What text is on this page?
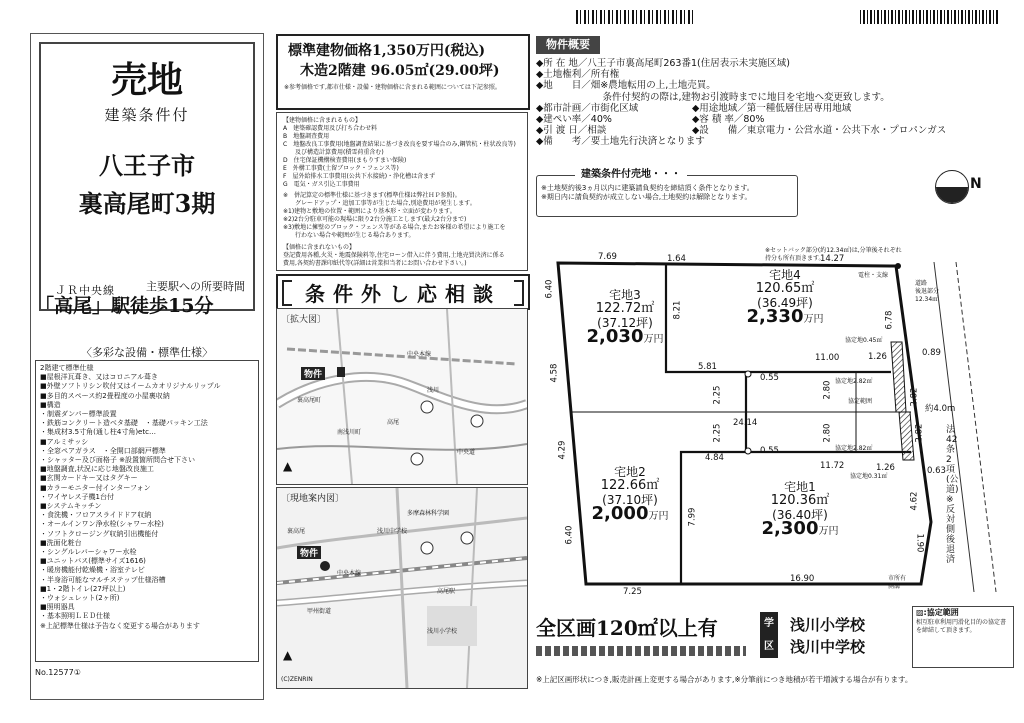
売地
建築条件付
八王子市
裏高尾町3期
主要駅への所要時間
ＪＲ中央線
「高尾」駅徒歩15分
〈多彩な設備・標準仕様〉
2階建て標準仕様
■屋根洋瓦葺き、又はコロニアル葺き
■外壁ソフトリシン吹付又はイームカオリジナルリップル
■多目的スペース約2畳程度の小屋裏収納
■構造
・制震ダンパー標準設置
・鉄筋コンクリート造ベタ基礎　・基礎パッキン工法
・集成材3.5寸角(通し柱4寸角)etc…
■アルミサッシ
・全窓ペアガラス　・全開口部網戸標準
・シャッター及び面格子 ※設置箇所問合せ下さい
■地盤調査,状況に応じ地盤改良施工
■玄関カードキー又はタグキー
■カラーモニター付インターフォン
・ワイヤレス子機1台付
■システムキッチン
・食洗機・フロアスライドドア収納
・オールインワン浄水栓(シャワー水栓)
・ソフトクロージング収納引出機能付
■洗面化粧台
・シングルレバーシャワー水栓
■ユニットバス(標準サイズ1616)
・暖房機能付乾燥機・浴室テレビ
・半身浴可能なマルチステップ仕様浴槽
■1・2階トイレ(27坪以上)
・ウォシュレット(2ヶ所)
■照明器具
・基本照明ＬＥＤ仕様
※上記標準仕様は予告なく変更する場合があります
No.12577①
標準建物価格1,350万円(税込)
木造2階建 96.05㎡(29.00坪)
※参考価格です,都市仕様・設備・建物価格に含まれる範囲については下記参照。
【建物価格に含まれるもの】
A　建築確認費用及び打ち合わせ料
B　地盤調査費用
C　地盤改良工事費用(地盤調査結果に基づき改良を要す場合のみ,鋼管杭・柱状改良等)
　　及び構造計算費用(積雪荷重含む)
D　住宅保証機構検査費用(まもりすまい保険)
E　外構工事費(土留ブロック・フェンス等)
F　屋外給排水工事費用(公共下水接続)・浄化槽は含まず
G　電気・ガス引込工事費用
※　併記算定の標準仕様に基づきます(標準仕様は弊社ＨＰ参照)。
　　グレードアップ・追加工事等が生じた場合,別途費用が発生します。
※1)建物と敷地の位置・範囲により基本形・立面が変わります。
※2)2台分駐車可能の現場に限り2台分施工とします(最大2台分まで)
※3)敷地に擁壁のブロック・フェンス等がある場合,またお客様の希望により施工を
　　行わない場合や範囲が生じる場合あります。
【価格に含まれないもの】
登記費用各種,火災・地震保険料等,住宅ローン借入に伴う費用,土地売買決済に係る
費用,各契約書課印紙代等(詳細は営業担当者にお問い合わせ下さい。)
条件外し応相談
〔拡大図〕
物件
中央本線
浅川
高尾
南浅川町
裏高尾町
中央道
▲
〔現地案内図〕
物件
高尾駅
中央本線
甲州街道
浅川小学校
浅川中学校
多摩森林科学園
裏高尾
▲
(C)ZENRIN
物件概要
◆所 在 地／八王子市裏高尾町263番1(住居表示未実施区域)
◆土地権利／所有権
◆地　　目／畑※農地転用の上,土地売買。
　　　　　　　条件付契約の際は,建物お引渡時までに地目を宅地へ変更致します。
◆都市計画／市街化区域	◆用途地域／第一種低層住居専用地域
◆建ぺい率／40%	◆容 積 率／80%
◆引 渡 日／相談	◆設　　備／東京電力・公営水道・公共下水・プロパンガス
◆備　　考／要土地先行決済となります
※土地契約後3ヵ月以内に建築請負契約を締結頂く条件となります。
※期日内に請負契約が成立しない場合,土地契約は解除となります。
建築条件付売地・・・
N
宅地3
122.72㎡
(37.12坪)
2,030万円
宅地4
120.65㎡
(36.49坪)
2,330万円
宅地2
122.66㎡
(37.10坪)
2,000万円
宅地1
120.36㎡
(36.40坪)
2,300万円
7.69	1.64	14.27
6.40
4.58
4.29
6.40
8.21
7.99
5.81
11.00
24.14
4.84
11.72
2.25
2.25
2.80
2.80
6.78
2.82
2.82
4.62
1.90
0.55
0.55
1.26
1.26
0.89
0.63
7.25
16.90
※セットバック部分(約12.34㎡)は,分筆後それぞれ持分も所有頂きます。
電柱・支線
道路
後退部分
12.34㎡
協定地0.45㎡
協定地2.82㎡
協定範囲
協定地2.82㎡
協定地0.31㎡
約4.0m
法42条2項(公道)※反対側後退済
市所有
側溝
全区画120㎡以上有	学区
浅川小学校
浅川中学校
▨:協定範囲
相互駐車利用円滑化目的の協定書を締結して頂きます。
※上記区画形状につき,販売計画上変更する場合があります,※分筆前につき地積が若干増減する場合が有ります。
